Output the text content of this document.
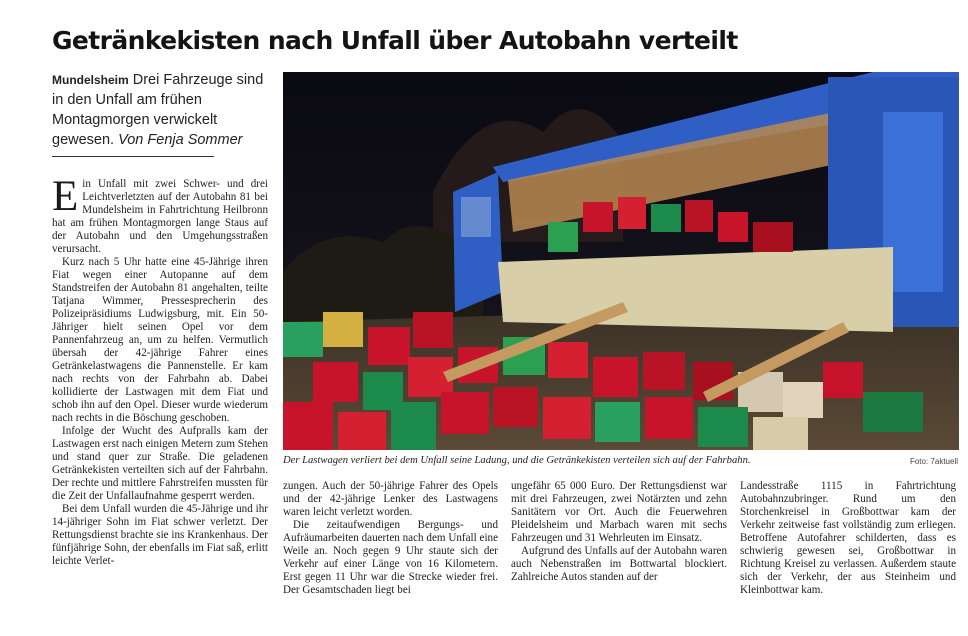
Getränkekisten nach Unfall über Autobahn verteilt
Mundelsheim Drei Fahrzeuge sind in den Unfall am frühen Montagmorgen verwickelt gewesen. Von Fenja Sommer
Der Lastwagen verliert bei dem Unfall seine Ladung, und die Getränkekisten verteilen sich auf der Fahrbahn.	Foto: 7aktuell

Ein Unfall mit zwei Schwer- und drei Leichtverletzten auf der Autobahn 81 bei Mundelsheim in Fahrtrichtung Heilbronn hat am frühen Montagmorgen lange Staus auf der Autobahn und den Umgehungsstraßen verursacht.

Kurz nach 5 Uhr hatte eine 45-Jährige ihren Fiat wegen einer Autopanne auf dem Standstreifen der Autobahn 81 angehalten, teilte Tatjana Wimmer, Pressesprecherin des Polizeipräsidiums Ludwigsburg, mit. Ein 50-Jähriger hielt seinen Opel vor dem Pannenfahrzeug an, um zu helfen. Vermutlich übersah der 42-jährige Fahrer eines Getränkelastwagens die Pannenstelle. Er kam nach rechts von der Fahrbahn ab. Dabei kollidierte der Lastwagen mit dem Fiat und schob ihn auf den Opel. Dieser wurde wiederum nach rechts in die Böschung geschoben.

Infolge der Wucht des Aufpralls kam der Lastwagen erst nach einigen Metern zum Stehen und stand quer zur Straße. Die geladenen Getränkekisten verteilten sich auf der Fahrbahn. Der rechte und mittlere Fahrstreifen mussten für die Zeit der Unfallaufnahme gesperrt werden.

Bei dem Unfall wurden die 45-Jährige und ihr 14-jähriger Sohn im Fiat schwer verletzt. Der Rettungsdienst brachte sie ins Krankenhaus. Der fünfjährige Sohn, der ebenfalls im Fiat saß, erlitt leichte Verlet-

zungen. Auch der 50-jährige Fahrer des Opels und der 42-jährige Lenker des Lastwagens waren leicht verletzt worden.

Die zeitaufwendigen Bergungs- und Aufräumarbeiten dauerten nach dem Unfall eine Weile an. Noch gegen 9 Uhr staute sich der Verkehr auf einer Länge von 16 Kilometern. Erst gegen 11 Uhr war die Strecke wieder frei. Der Gesamtschaden liegt bei

ungefähr 65 000 Euro. Der Rettungsdienst war mit drei Fahrzeugen, zwei Notärzten und zehn Sanitätern vor Ort. Auch die Feuerwehren Pleidelsheim und Marbach waren mit sechs Fahrzeugen und 31 Wehrleuten im Einsatz.

Aufgrund des Unfalls auf der Autobahn waren auch Nebenstraßen im Bottwartal blockiert. Zahlreiche Autos standen auf der

Landesstraße 1115 in Fahrtrichtung Autobahnzubringer. Rund um den Storchenkreisel in Großbottwar kam der Verkehr zeitweise fast vollständig zum erliegen. Betroffene Autofahrer schilderten, dass es schwierig gewesen sei, Großbottwar in Richtung Kreisel zu verlassen. Außerdem staute sich der Verkehr, der aus Steinheim und Kleinbottwar kam.
